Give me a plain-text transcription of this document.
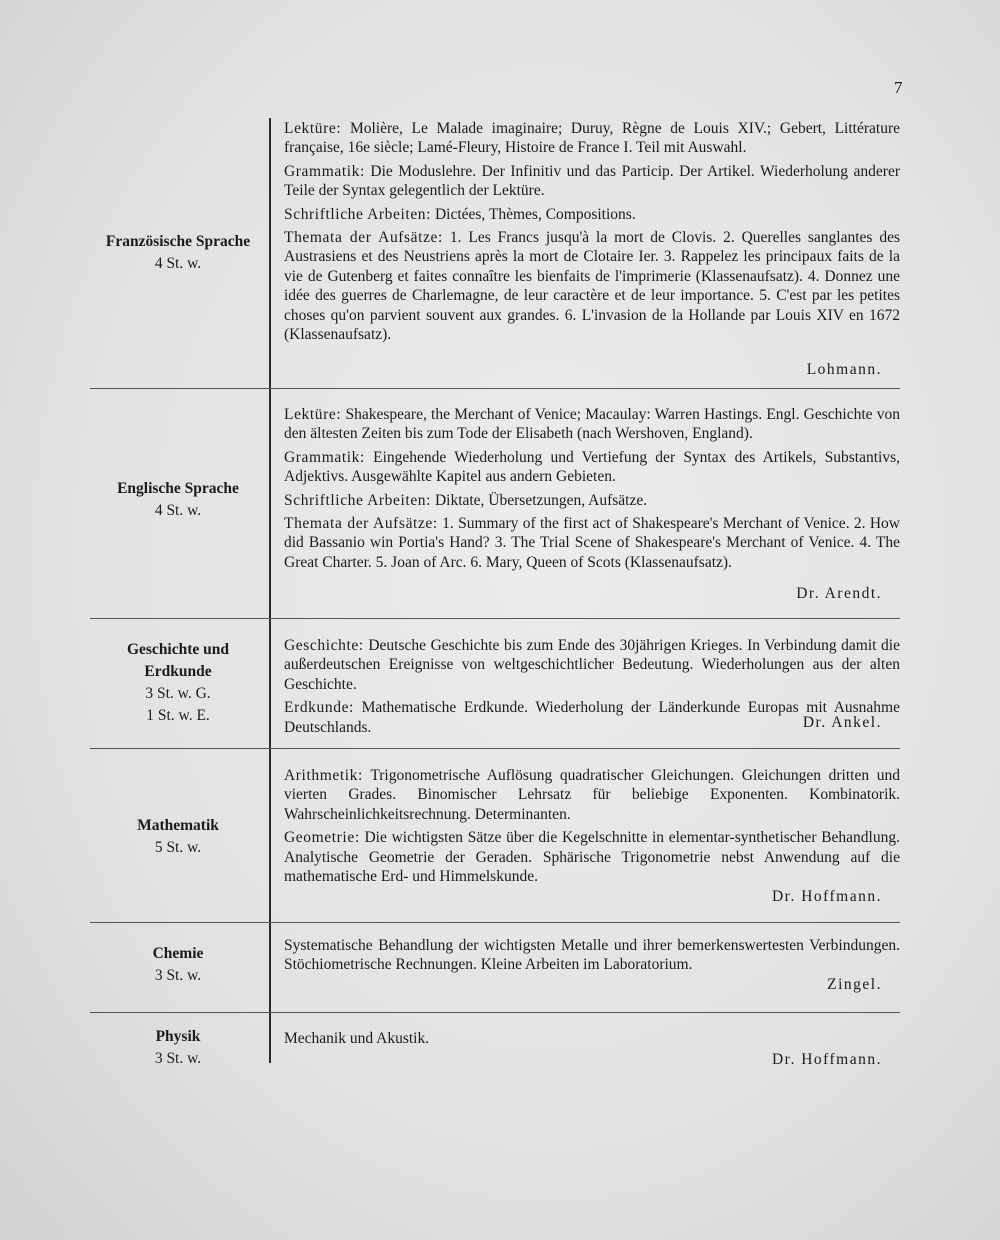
7
Französische Sprache
4 St. w.
Englische Sprache
4 St. w.
Geschichte und
Erdkunde
3 St. w. G.
1 St. w. E.
Mathematik
5 St. w.
Chemie
3 St. w.
Physik
3 St. w.

Lektüre: Molière, Le Malade imaginaire; Duruy, Règne de Louis XIV.; Gebert, Littérature française, 16e siècle; Lamé-Fleury, Histoire de France I. Teil mit Auswahl.

Grammatik: Die Moduslehre. Der Infinitiv und das Particip. Der Artikel. Wiederholung anderer Teile der Syntax gelegentlich der Lektüre.

Schriftliche Arbeiten: Dictées, Thèmes, Compositions.

Themata der Aufsätze: 1. Les Francs jusqu'à la mort de Clovis. 2. Querelles sanglantes des Austrasiens et des Neustriens après la mort de Clotaire Ier. 3. Rappelez les principaux faits de la vie de Gutenberg et faites connaître les bienfaits de l'imprimerie (Klassenaufsatz). 4. Donnez une idée des guerres de Charlemagne, de leur caractère et de leur importance. 5. C'est par les petites choses qu'on parvient souvent aux grandes. 6. L'invasion de la Hollande par Louis XIV en 1672 (Klassenaufsatz).

Lohmann.

Lektüre: Shakespeare, the Merchant of Venice; Macaulay: Warren Hastings. Engl. Geschichte von den ältesten Zeiten bis zum Tode der Elisabeth (nach Wershoven, England).

Grammatik: Eingehende Wiederholung und Vertiefung der Syntax des Artikels, Substantivs, Adjektivs. Ausgewählte Kapitel aus andern Gebieten.

Schriftliche Arbeiten: Diktate, Übersetzungen, Aufsätze.

Themata der Aufsätze: 1. Summary of the first act of Shakespeare's Merchant of Venice. 2. How did Bassanio win Portia's Hand? 3. The Trial Scene of Shakespeare's Merchant of Venice. 4. The Great Charter. 5. Joan of Arc. 6. Mary, Queen of Scots (Klassenaufsatz).

Dr. Arendt.

Geschichte: Deutsche Geschichte bis zum Ende des 30jährigen Krieges. In Verbindung damit die außerdeutschen Ereignisse von weltgeschichtlicher Bedeutung. Wiederholungen aus der alten Geschichte.

Erdkunde: Mathematische Erdkunde. Wiederholung der Länderkunde Europas mit Ausnahme Deutschlands.	Dr. Ankel.

Arithmetik: Trigonometrische Auflösung quadratischer Gleichungen. Gleichungen dritten und vierten Grades. Binomischer Lehrsatz für beliebige Exponenten. Kombinatorik. Wahrscheinlichkeitsrechnung. Determinanten.

Geometrie: Die wichtigsten Sätze über die Kegelschnitte in elementar-synthetischer Behandlung. Analytische Geometrie der Geraden. Sphärische Trigonometrie nebst Anwendung auf die mathematische Erd- und Himmelskunde.

Dr. Hoffmann.

Systematische Behandlung der wichtigsten Metalle und ihrer bemerkenswertesten Verbindungen. Stöchiometrische Rechnungen. Kleine Arbeiten im Laboratorium.

Zingel.

Mechanik und Akustik.

Dr. Hoffmann.
